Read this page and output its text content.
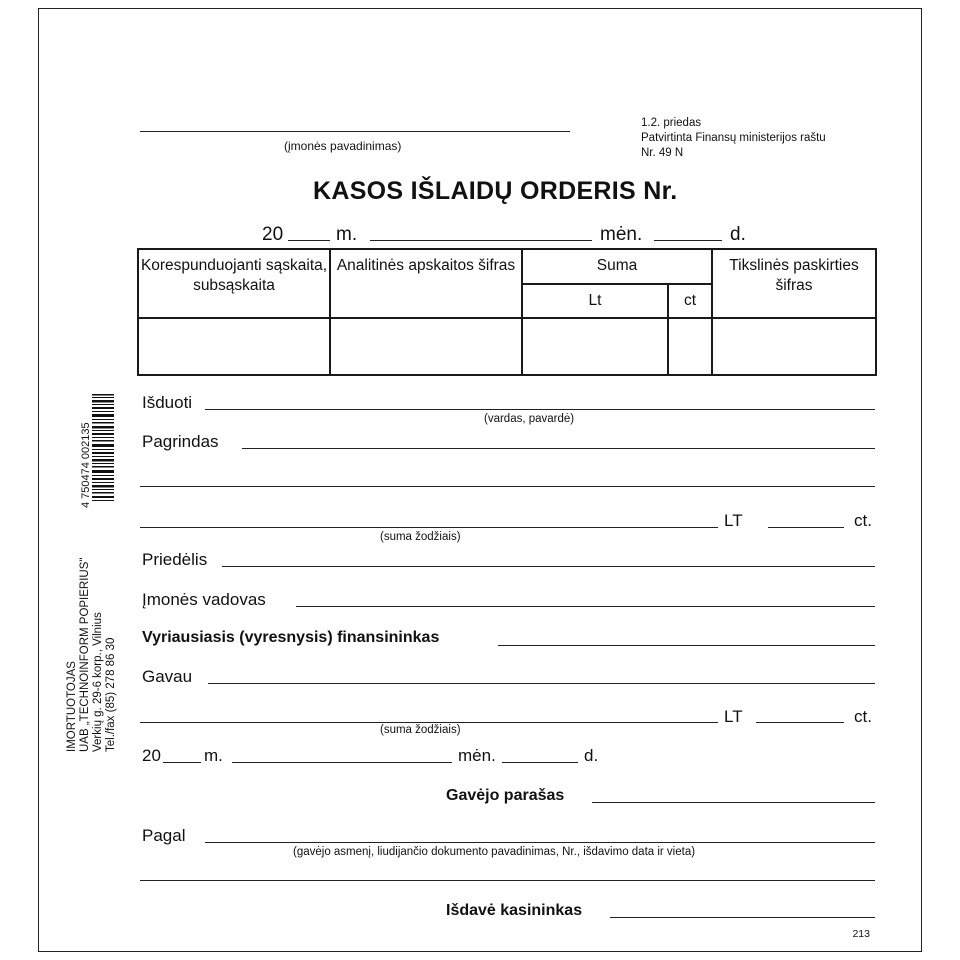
(įmonės pavadinimas)
1.2. priedas
Patvirtinta Finansų ministerijos raštu
Nr. 49 N
KASOS IŠLAIDŲ ORDERIS Nr.
20	m.	mėn.	d.
Korespunduojanti sąskaita, subsąskaita	Analitinės apskaitos šifras	Suma		Tikslinės paskirties šifras
		Lt	ct	

Išduoti
(vardas, pavardė)
Pagrindas
LT	ct.
(suma žodžiais)
Priedėlis
Įmonės vadovas
Vyriausiasis (vyresnysis) finansininkas
Gavau
LT	ct.
(suma žodžiais)
20	m.	mėn.	d.
Gavėjo parašas
Pagal
(gavėjo asmenį, liudijančio dokumento pavadinimas, Nr., išdavimo data ir vieta)
Išdavė kasininkas
4 750474 002135
IMORTUOTOJAS UAB „TECHNOINFORM POPIERIUS" Verkių g. 29-6 korp., Vilnius Tel./fax (85) 278 86 30
213
